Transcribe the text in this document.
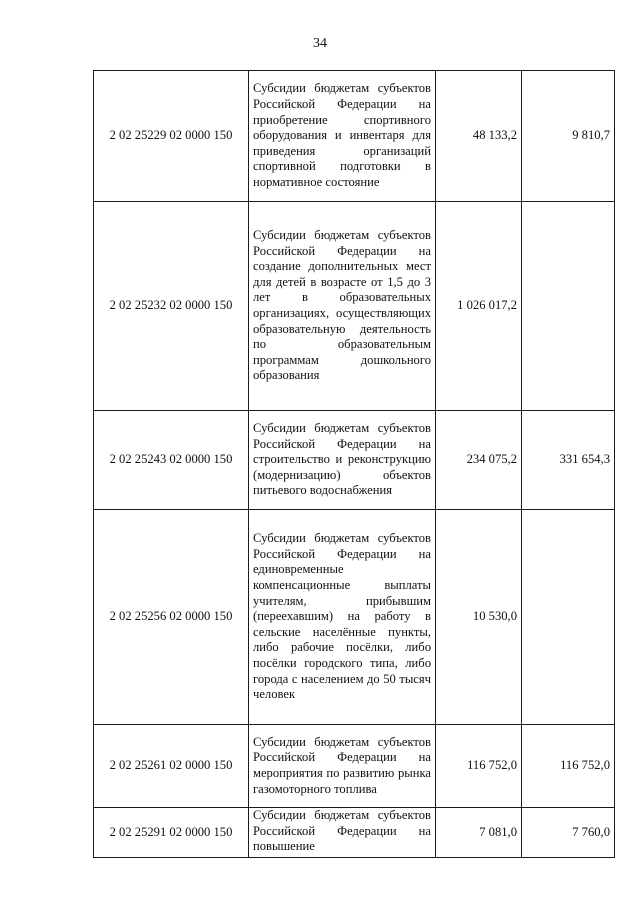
34
2 02 25229 02 0000 150	Субсидии бюджетам субъектов Российской Федерации на приобретение спортивного оборудования и инвентаря для приведения организаций спортивной подготовки в нормативное состояние	48 133,2	9 810,7
2 02 25232 02 0000 150	Субсидии бюджетам субъектов Российской Федерации на создание дополнительных мест для детей в возрасте от 1,5 до 3 лет в образовательных организациях, осуществляющих образовательную деятельность по образовательным программам дошкольного образования	1 026 017,2	
2 02 25243 02 0000 150	Субсидии бюджетам субъектов Российской Федерации на строительство и реконструкцию (модернизацию) объектов питьевого водоснабжения	234 075,2	331 654,3
2 02 25256 02 0000 150	Субсидии бюджетам субъектов Российской Федерации на единовременные компенсационные выплаты учителям, прибывшим (переехавшим) на работу в сельские населённые пункты, либо рабочие посёлки, либо посёлки городского типа, либо города с населением до 50 тысяч человек	10 530,0	
2 02 25261 02 0000 150	Субсидии бюджетам субъектов Российской Федерации на мероприятия по развитию рынка газомоторного топлива	116 752,0	116 752,0
2 02 25291 02 0000 150	Субсидии бюджетам субъектов Российской Федерации на повышение	7 081,0	7 760,0
